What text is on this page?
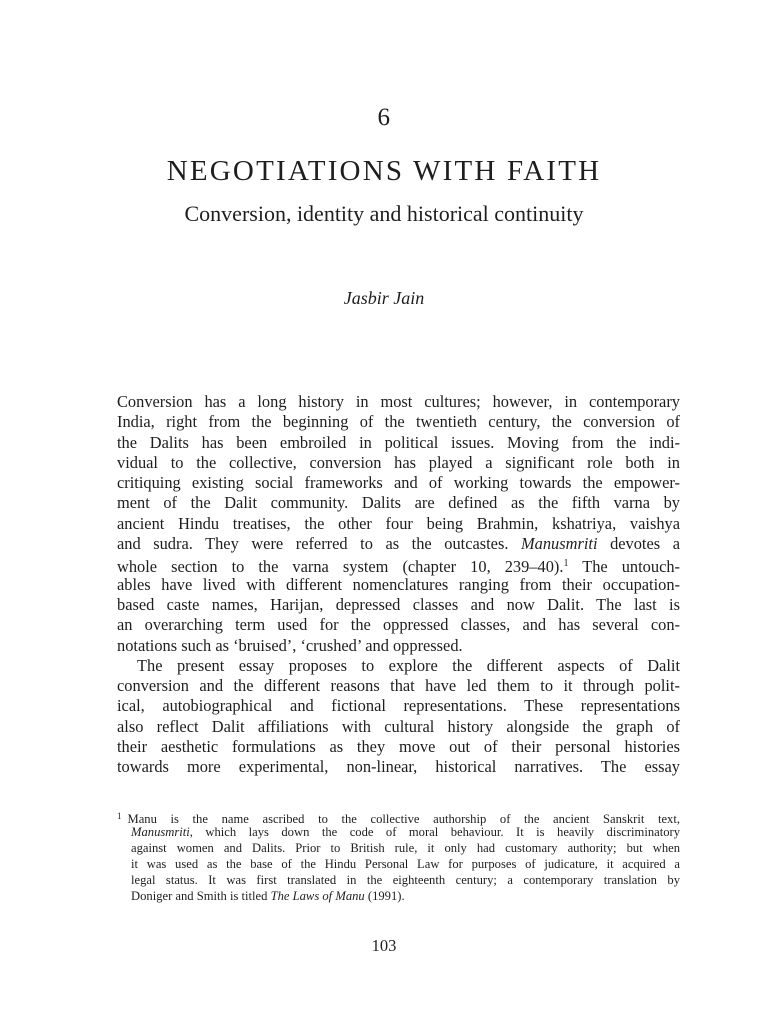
6
NEGOTIATIONS WITH FAITH
Conversion, identity and historical continuity
Jasbir Jain
Conversion has a long history in most cultures; however, in contemporary
India, right from the beginning of the twentieth century, the conversion of
the Dalits has been embroiled in political issues. Moving from the indi-
vidual to the collective, conversion has played a significant role both in
critiquing existing social frameworks and of working towards the empower-
ment of the Dalit community. Dalits are defined as the fifth varna by
ancient Hindu treatises, the other four being Brahmin, kshatriya, vaishya
and sudra. They were referred to as the outcastes. Manusmriti devotes a
whole section to the varna system (chapter 10, 239–40).$^1$ The untouch-
ables have lived with different nomenclatures ranging from their occupation-
based caste names, Harijan, depressed classes and now Dalit. The last is
an overarching term used for the oppressed classes, and has several con-
notations such as ‘bruised’, ‘crushed’ and oppressed.
The present essay proposes to explore the different aspects of Dalit
conversion and the different reasons that have led them to it through polit-
ical, autobiographical and fictional representations. These representations
also reflect Dalit affiliations with cultural history alongside the graph of
their aesthetic formulations as they move out of their personal histories
towards more experimental, non-linear, historical narratives. The essay
$^1$ Manu is the name ascribed to the collective authorship of the ancient Sanskrit text,
Manusmriti, which lays down the code of moral behaviour. It is heavily discriminatory
against women and Dalits. Prior to British rule, it only had customary authority; but when
it was used as the base of the Hindu Personal Law for purposes of judicature, it acquired a
legal status. It was first translated in the eighteenth century; a contemporary translation by
Doniger and Smith is titled The Laws of Manu (1991).
103
